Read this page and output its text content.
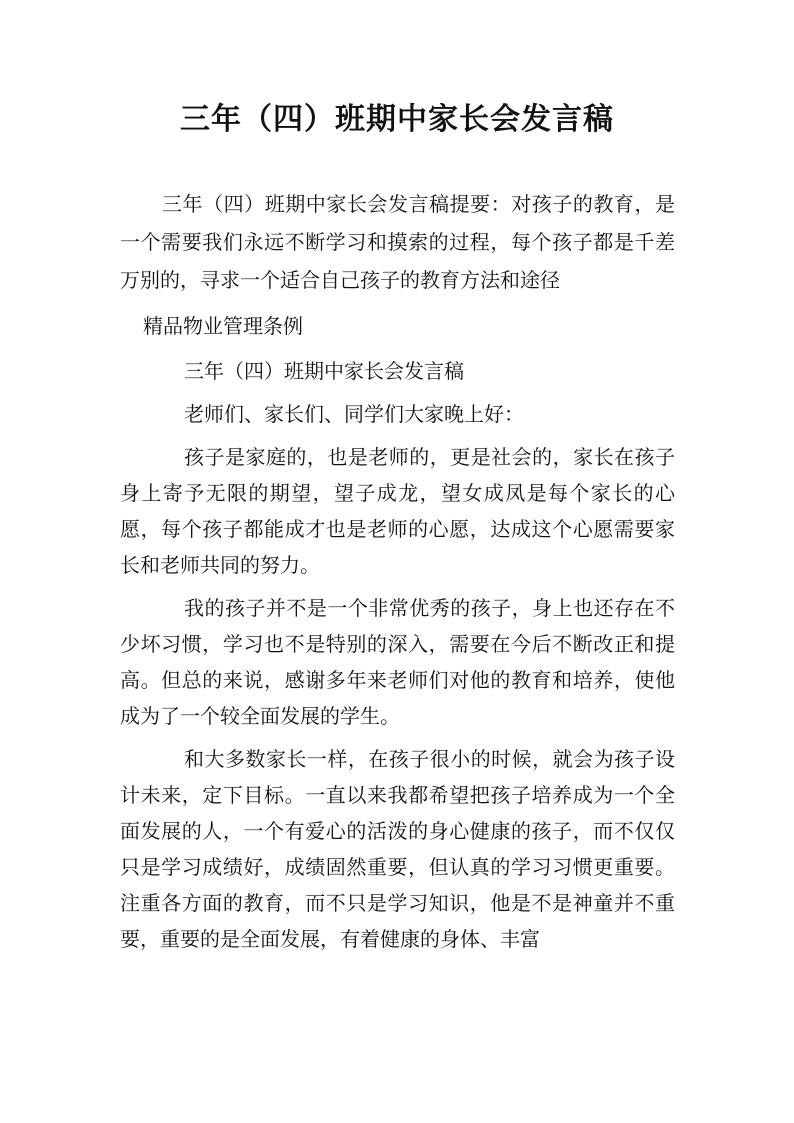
三年（四）班期中家长会发言稿
三年（四）班期中家长会发言稿提要：对孩子的教育，是一个需要我们永远不断学习和摸索的过程，每个孩子都是千差万别的，寻求一个适合自己孩子的教育方法和途径
精品物业管理条例

三年（四）班期中家长会发言稿

老师们、家长们、同学们大家晚上好：

孩子是家庭的，也是老师的，更是社会的，家长在孩子身上寄予无限的期望，望子成龙，望女成凤是每个家长的心愿，每个孩子都能成才也是老师的心愿，达成这个心愿需要家长和老师共同的努力。

我的孩子并不是一个非常优秀的孩子，身上也还存在不少坏习惯，学习也不是特别的深入，需要在今后不断改正和提高。但总的来说，感谢多年来老师们对他的教育和培养，使他成为了一个较全面发展的学生。

和大多数家长一样，在孩子很小的时候，就会为孩子设计未来，定下目标。一直以来我都希望把孩子培养成为一个全面发展的人，一个有爱心的活泼的身心健康的孩子，而不仅仅只是学习成绩好，成绩固然重要，但认真的学习习惯更重要。注重各方面的教育，而不只是学习知识，他是不是神童并不重要，重要的是全面发展，有着健康的身体、丰富
